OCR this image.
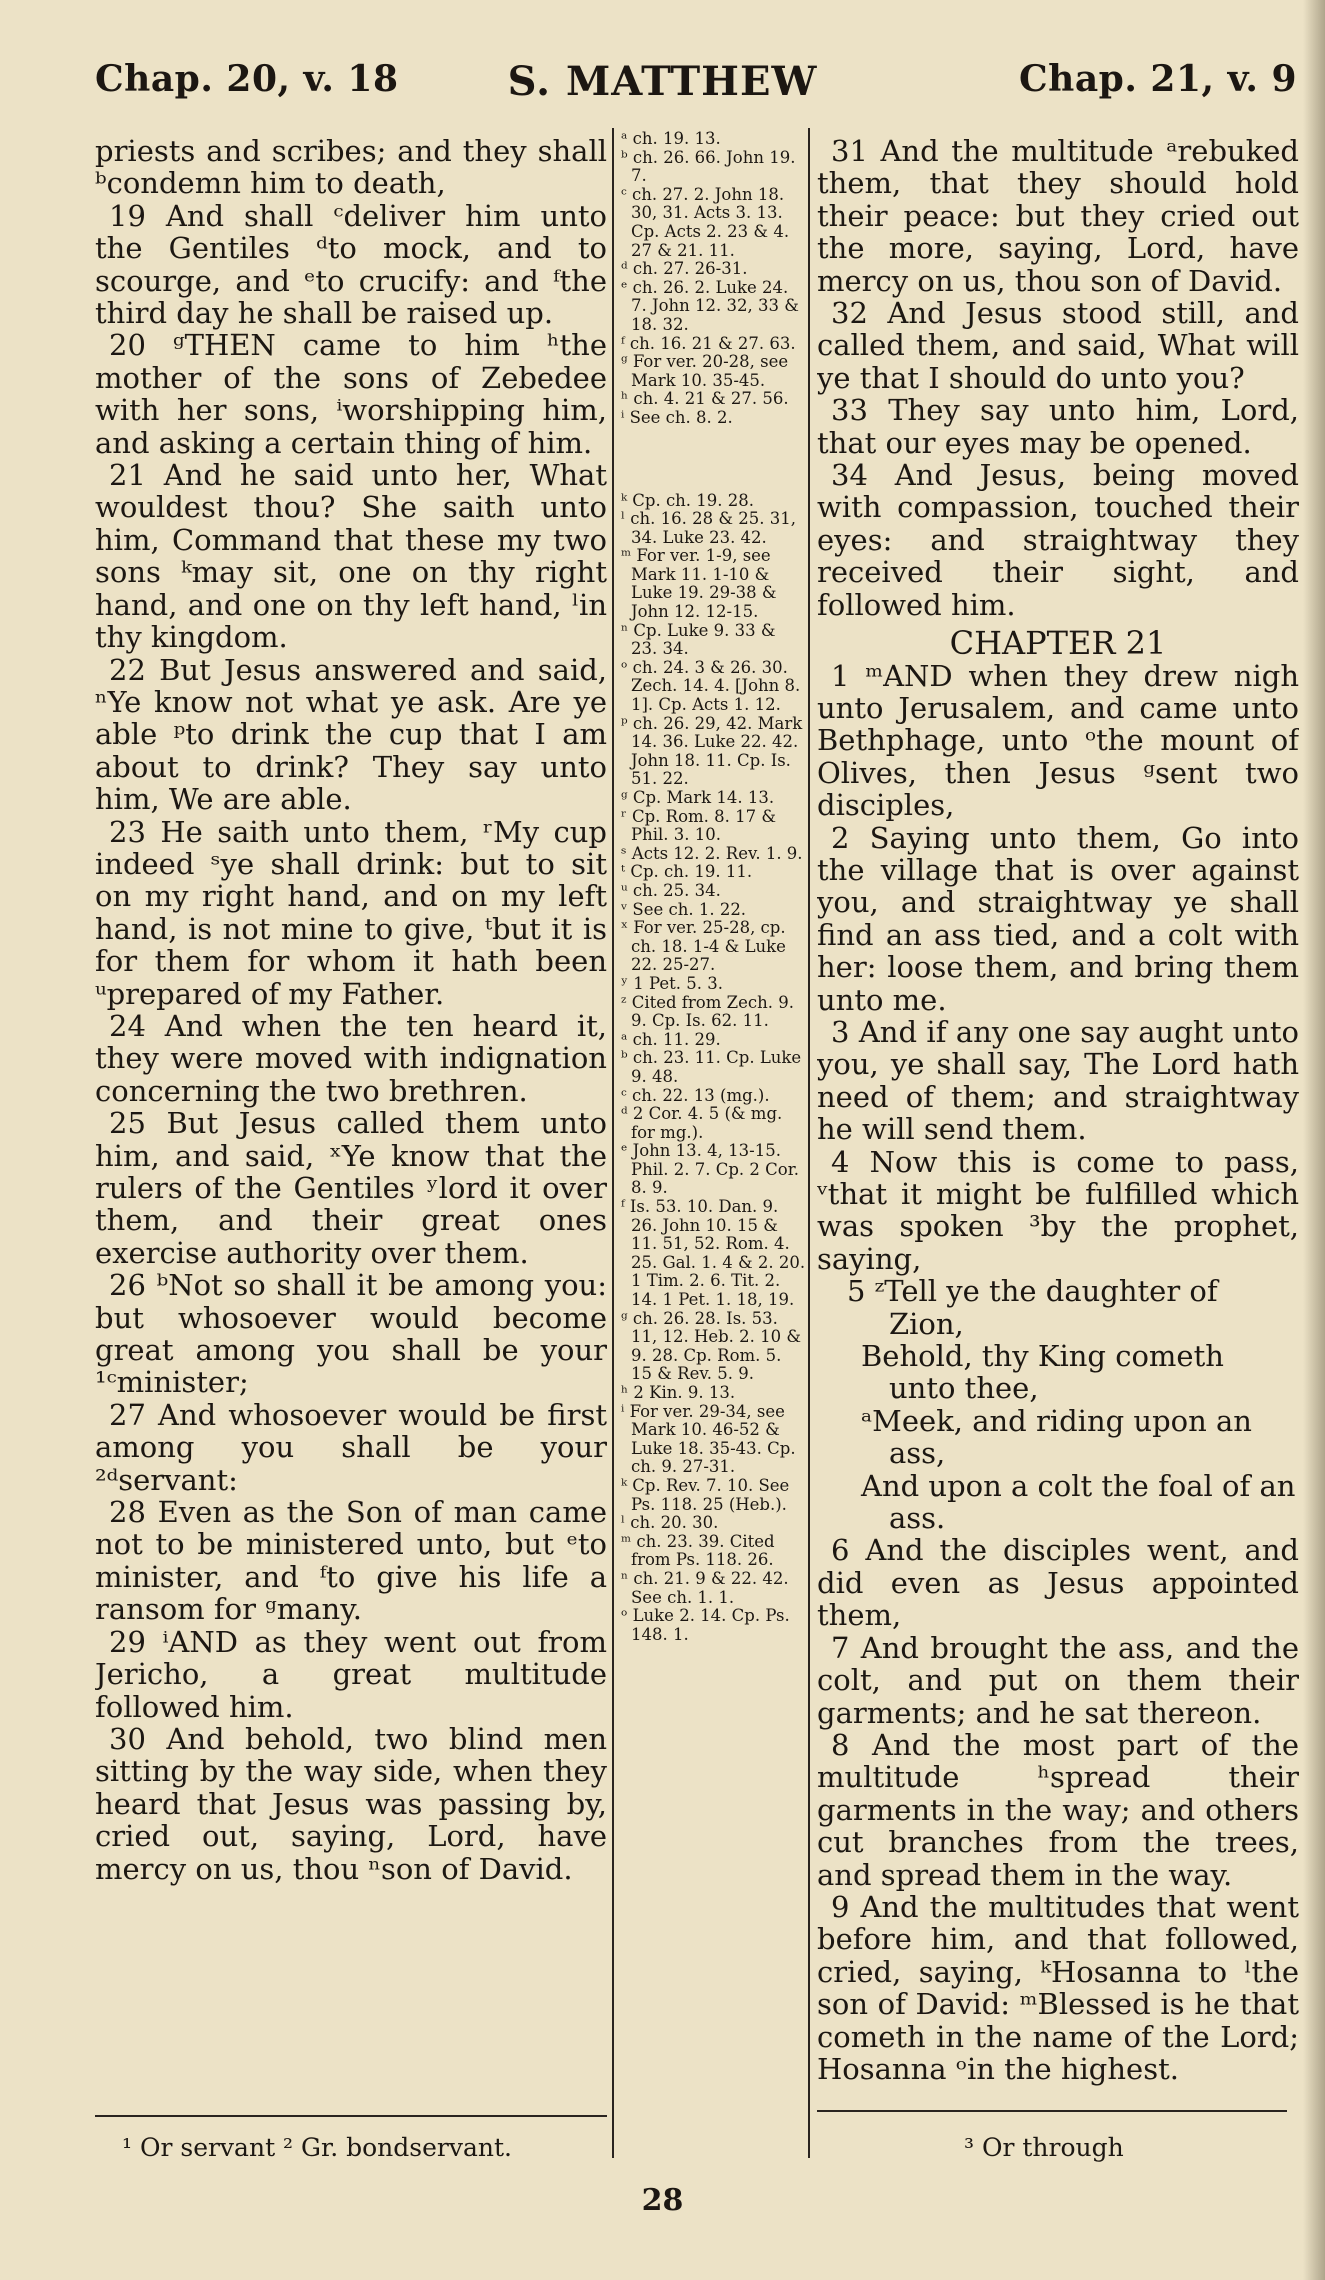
Chap. 20, v. 18	S. MATTHEW	Chap. 21, v. 9

priests and scribes; and they shall ᵇcondemn him to death,

19 And shall ᶜdeliver him unto the Gentiles ᵈto mock, and to scourge, and ᵉto crucify: and ᶠthe third day he shall be raised up.

20 ᵍTHEN came to him ʰthe mother of the sons of Zebedee with her sons, ⁱworshipping him, and asking a certain thing of him.

21 And he said unto her, What wouldest thou? She saith unto him, Command that these my two sons ᵏmay sit, one on thy right hand, and one on thy left hand, ˡin thy kingdom.

22 But Jesus answered and said, ⁿYe know not what ye ask. Are ye able ᵖto drink the cup that I am about to drink? They say unto him, We are able.

23 He saith unto them, ʳMy cup indeed ˢye shall drink: but to sit on my right hand, and on my left hand, is not mine to give, ᵗbut it is for them for whom it hath been ᵘprepared of my Father.

24 And when the ten heard it, they were moved with indignation concerning the two brethren.

25 But Jesus called them unto him, and said, ˣYe know that the rulers of the Gentiles ʸlord it over them, and their great ones exercise authority over them.

26 ᵇNot so shall it be among you: but whosoever would become great among you shall be your ¹ᶜminister;

27 And whosoever would be first among you shall be your ²ᵈservant:

28 Even as the Son of man came not to be ministered unto, but ᵉto minister, and ᶠto give his life a ransom for ᵍmany.

29 ⁱAND as they went out from Jericho, a great multitude followed him.

30 And behold, two blind men sitting by the way side, when they heard that Jesus was passing by, cried out, saying, Lord, have mercy on us, thou ⁿson of David.

ᵃ ch. 19. 13.

ᵇ ch. 26. 66. John 19. 7.

ᶜ ch. 27. 2. John 18. 30, 31. Acts 3. 13. Cp. Acts 2. 23 & 4. 27 & 21. 11.

ᵈ ch. 27. 26-31.

ᵉ ch. 26. 2. Luke 24. 7. John 12. 32, 33 & 18. 32.

ᶠ ch. 16. 21 & 27. 63.

ᵍ For ver. 20-28, see Mark 10. 35-45.

ʰ ch. 4. 21 & 27. 56.

ⁱ See ch. 8. 2.

ᵏ Cp. ch. 19. 28.

ˡ ch. 16. 28 & 25. 31, 34. Luke 23. 42.

ᵐ For ver. 1-9, see Mark 11. 1-10 & Luke 19. 29-38 & John 12. 12-15.

ⁿ Cp. Luke 9. 33 & 23. 34.

ᵒ ch. 24. 3 & 26. 30. Zech. 14. 4. [John 8. 1]. Cp. Acts 1. 12.

ᵖ ch. 26. 29, 42. Mark 14. 36. Luke 22. 42. John 18. 11. Cp. Is. 51. 22.

ᵍ Cp. Mark 14. 13.

ʳ Cp. Rom. 8. 17 & Phil. 3. 10.

ˢ Acts 12. 2. Rev. 1. 9.

ᵗ Cp. ch. 19. 11.

ᵘ ch. 25. 34.

ᵛ See ch. 1. 22.

ˣ For ver. 25-28, cp. ch. 18. 1-4 & Luke 22. 25-27.

ʸ 1 Pet. 5. 3.

ᶻ Cited from Zech. 9. 9. Cp. Is. 62. 11.

ᵃ ch. 11. 29.

ᵇ ch. 23. 11. Cp. Luke 9. 48.

ᶜ ch. 22. 13 (mg.).

ᵈ 2 Cor. 4. 5 (& mg. for mg.).

ᵉ John 13. 4, 13-15. Phil. 2. 7. Cp. 2 Cor. 8. 9.

ᶠ Is. 53. 10. Dan. 9. 26. John 10. 15 & 11. 51, 52. Rom. 4. 25. Gal. 1. 4 & 2. 20. 1 Tim. 2. 6. Tit. 2. 14. 1 Pet. 1. 18, 19.

ᵍ ch. 26. 28. Is. 53. 11, 12. Heb. 2. 10 & 9. 28. Cp. Rom. 5. 15 & Rev. 5. 9.

ʰ 2 Kin. 9. 13.

ⁱ For ver. 29-34, see Mark 10. 46-52 & Luke 18. 35-43. Cp. ch. 9. 27-31.

ᵏ Cp. Rev. 7. 10. See Ps. 118. 25 (Heb.).

ˡ ch. 20. 30.

ᵐ ch. 23. 39. Cited from Ps. 118. 26.

ⁿ ch. 21. 9 & 22. 42. See ch. 1. 1.

ᵒ Luke 2. 14. Cp. Ps. 148. 1.

31 And the multitude ᵃrebuked them, that they should hold their peace: but they cried out the more, saying, Lord, have mercy on us, thou son of David.

32 And Jesus stood still, and called them, and said, What will ye that I should do unto you?

33 They say unto him, Lord, that our eyes may be opened.

34 And Jesus, being moved with compassion, touched their eyes: and straightway they received their sight, and followed him.

CHAPTER 21

1 ᵐAND when they drew nigh unto Jerusalem, and came unto Bethphage, unto ᵒthe mount of Olives, then Jesus ᵍsent two disciples,

2 Saying unto them, Go into the village that is over against you, and straightway ye shall find an ass tied, and a colt with her: loose them, and bring them unto me.

3 And if any one say aught unto you, ye shall say, The Lord hath need of them; and straightway he will send them.

4 Now this is come to pass, ᵛthat it might be fulfilled which was spoken ³by the prophet, saying,

5 ᶻTell ye the daughter of Zion,

Behold, thy King cometh unto thee,

ᵃMeek, and riding upon an ass,

And upon a colt the foal of an ass.

6 And the disciples went, and did even as Jesus appointed them,

7 And brought the ass, and the colt, and put on them their garments; and he sat thereon.

8 And the most part of the multitude ʰspread their garments in the way; and others cut branches from the trees, and spread them in the way.

9 And the multitudes that went before him, and that followed, cried, saying, ᵏHosanna to ˡthe son of David: ᵐBlessed is he that cometh in the name of the Lord; Hosanna ᵒin the highest.

¹ Or servant ² Gr. bondservant.	³ Or through
28
